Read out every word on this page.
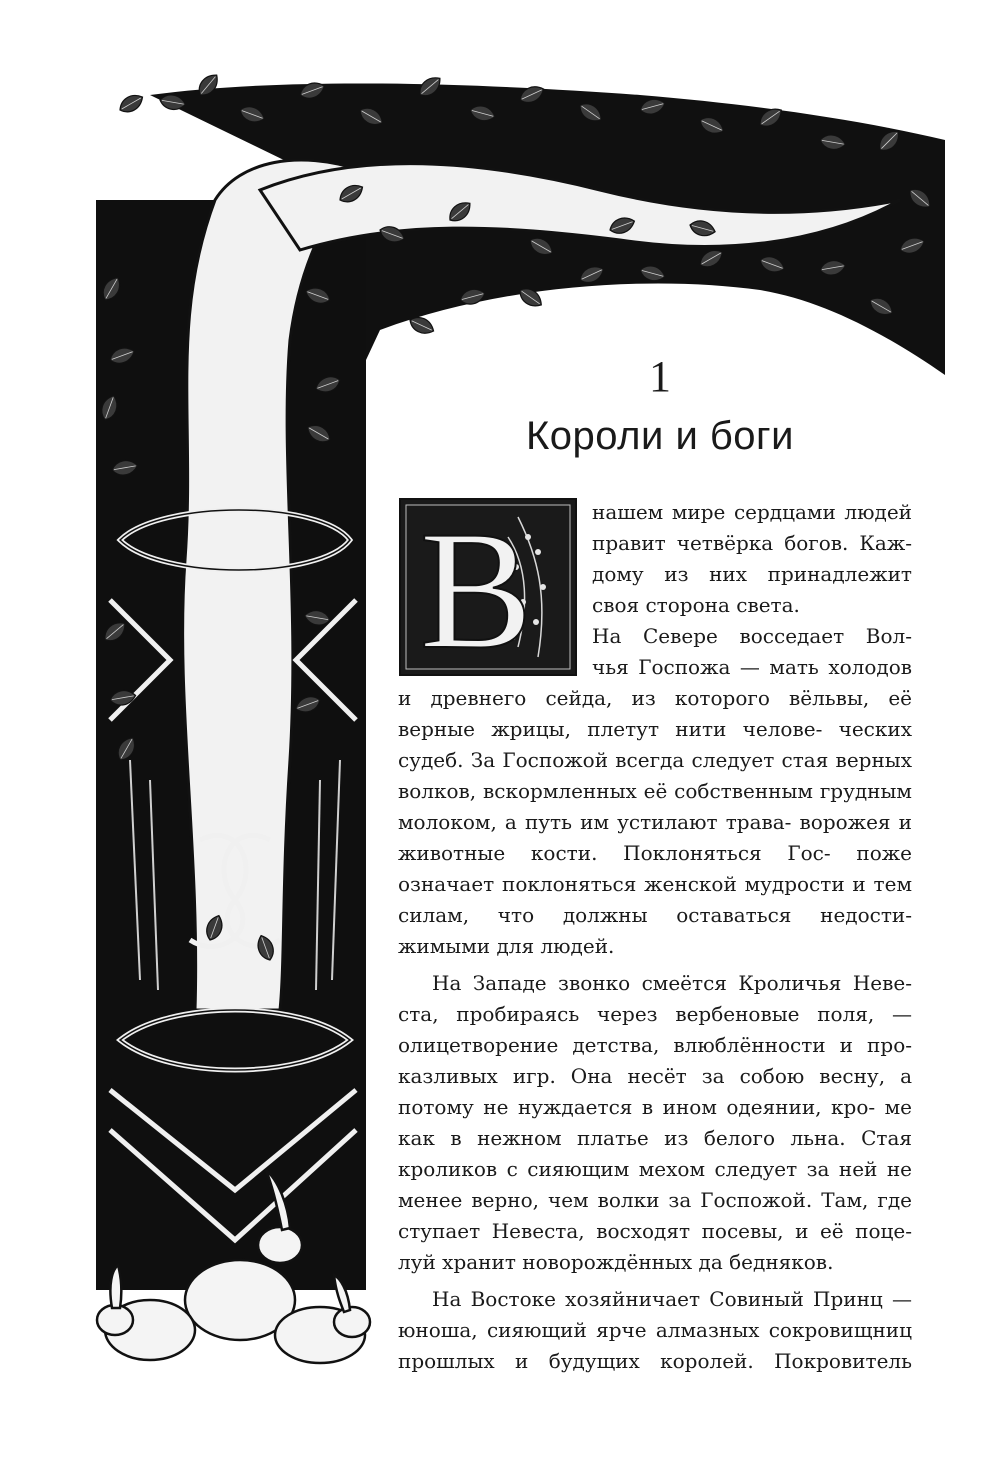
1
Короли и боги
В	нашем мире сердцами людей
правит четвёрка богов. Каж-
дому из них принадлежит
своя сторона света.
На Севере восседает Вол-
чья Госпожа — мать холодов

и древнего сейда, из которого вёльвы, её верные жрицы, плетут нити челове- ческих судеб. За Госпожой всегда следует стая верных волков, вскормленных её собственным грудным молоком, а путь им устилают трава- ворожея и животные кости. Поклоняться Гос- поже означает поклоняться женской мудрости и тем силам, что должны оставаться недости- жимыми для людей.

На Западе звонко смеётся Кроличья Неве- ста, пробираясь через вербеновые поля, — олицетворение детства, влюблённости и про- казливых игр. Она несёт за собою весну, а потому не нуждается в ином одеянии, кро- ме как в нежном платье из белого льна. Стая кроликов с сияющим мехом следует за ней не менее верно, чем волки за Госпожой. Там, где ступает Невеста, восходят посевы, и её поце- луй хранит новорождённых да бедняков.

На Востоке хозяйничает Совиный Принц — юноша, сияющий ярче алмазных сокровищниц прошлых и будущих королей. Покровитель
